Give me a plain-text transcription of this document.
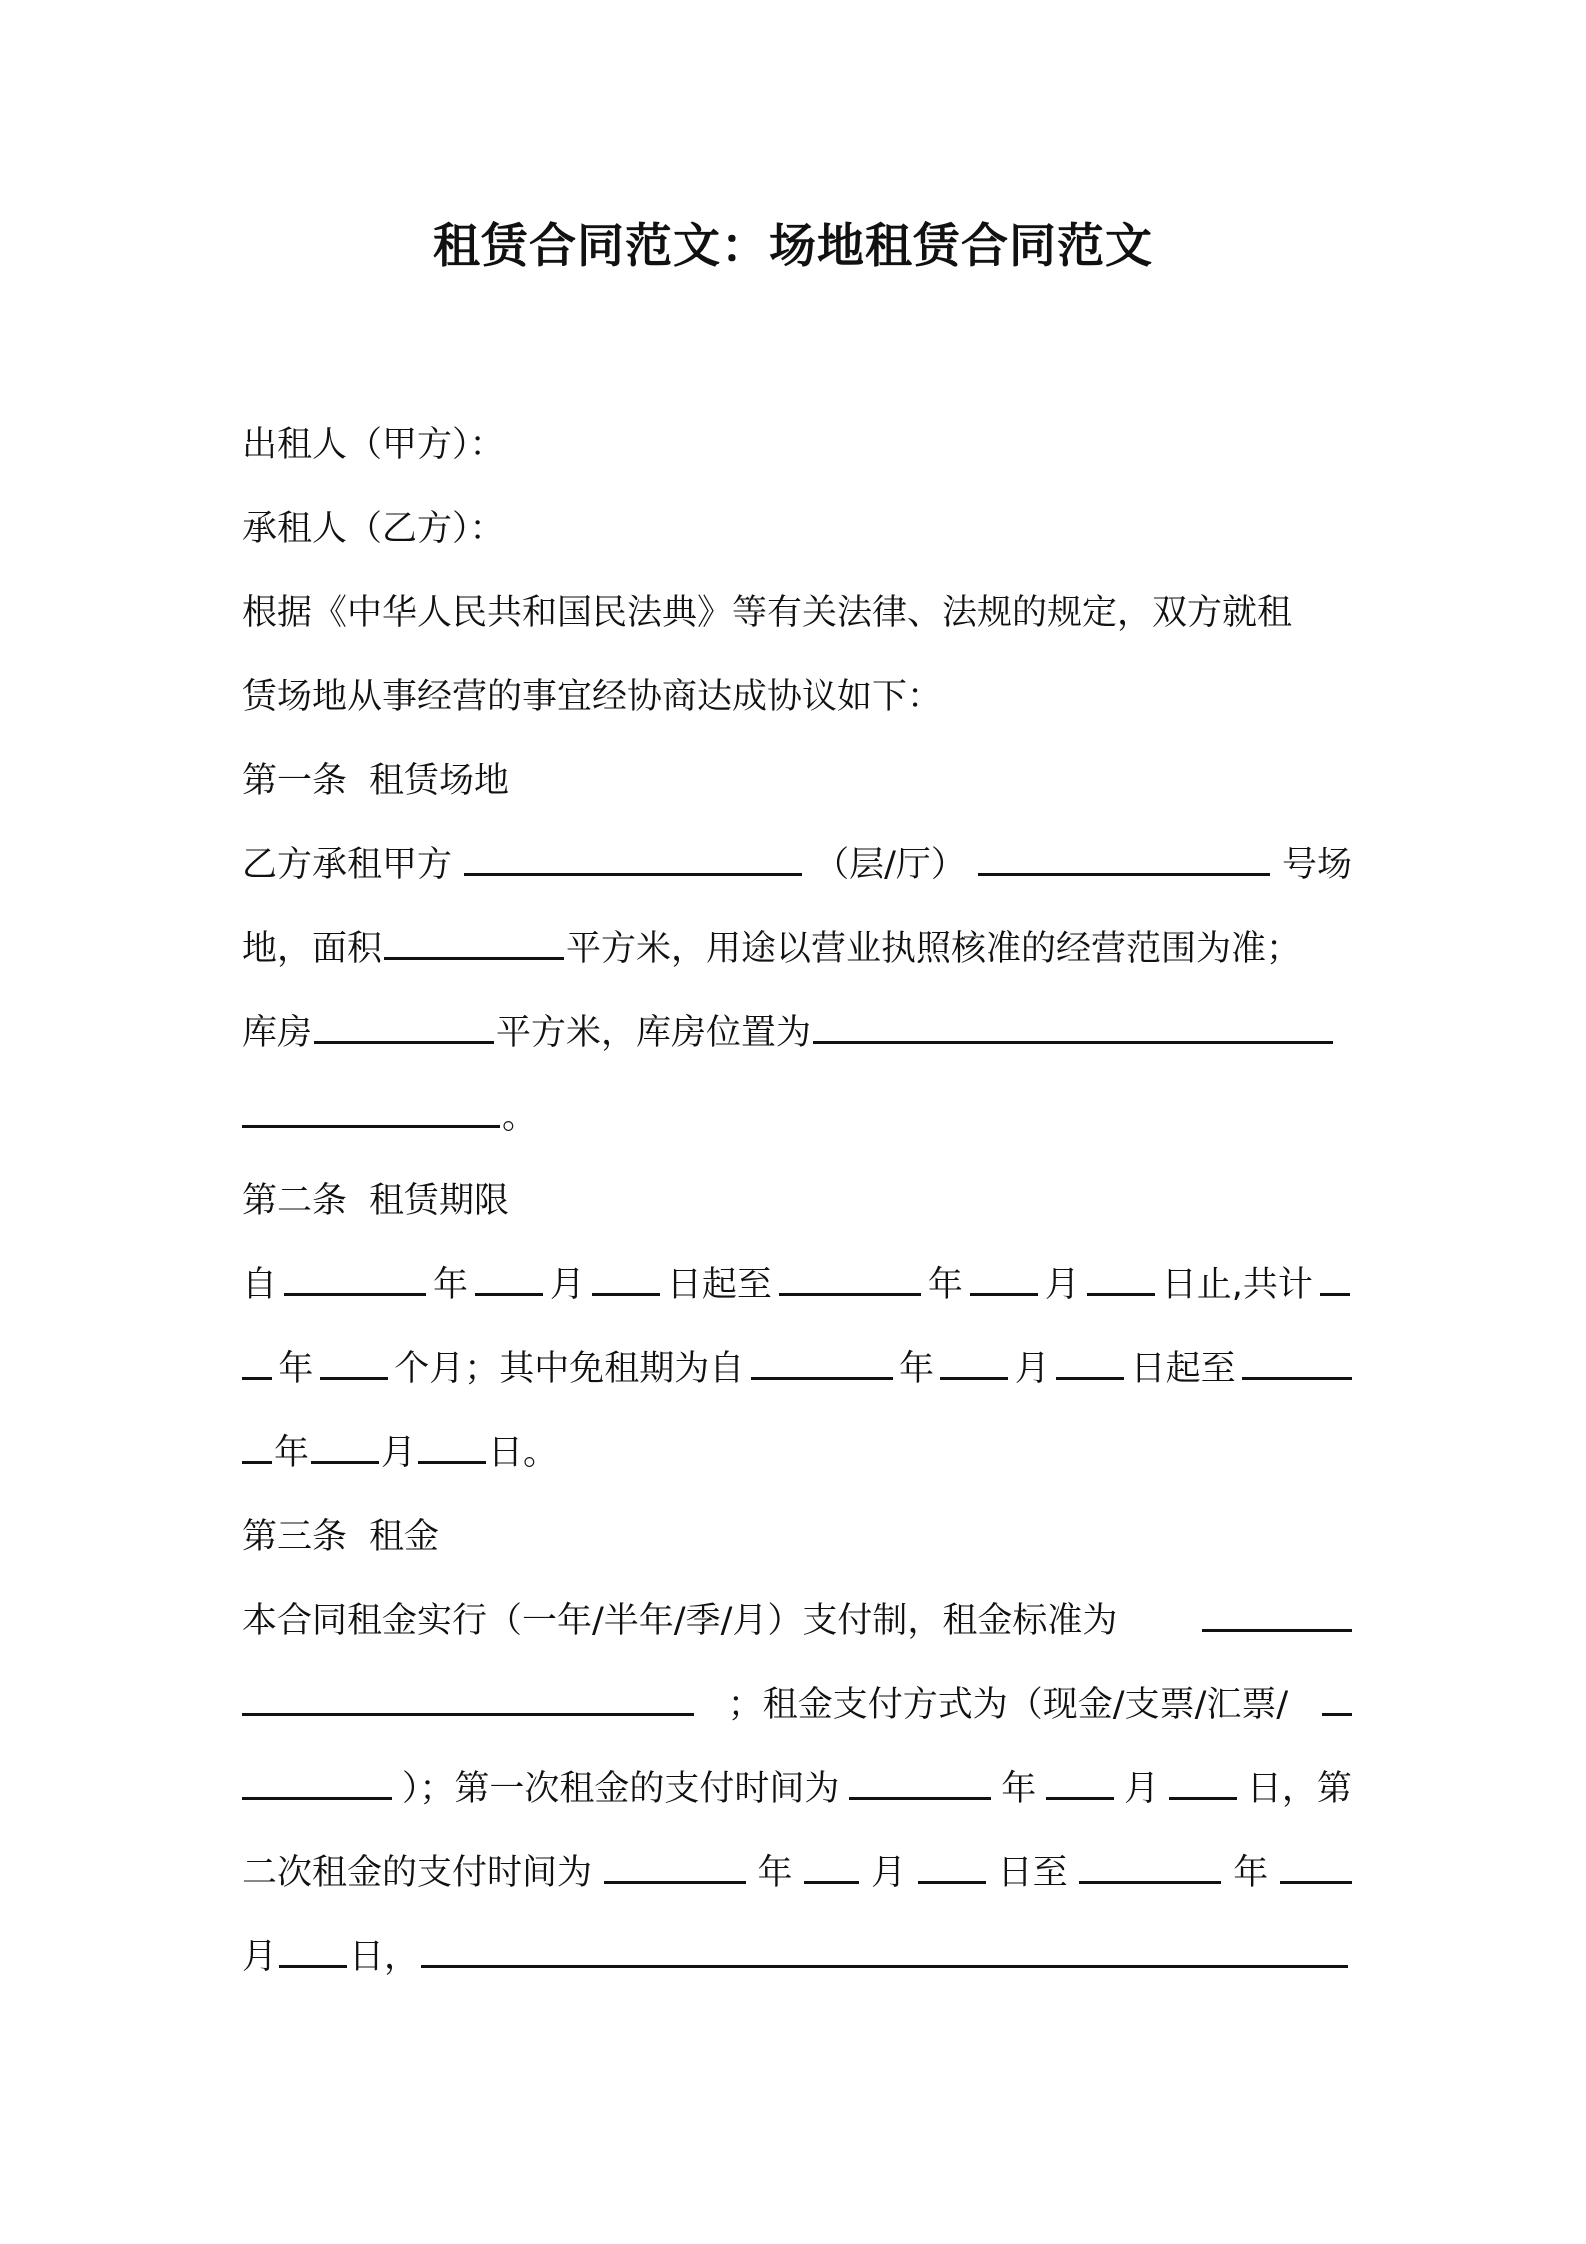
租赁合同范文：场地租赁合同范文
出租人（甲方）：
承租人（乙方）：
根据《中华人民共和国民法典》等有关法律、法规的规定，双方就租
赁场地从事经营的事宜经协商达成协议如下：
第一条 租赁场地
乙方承租甲方	（层/厅）	号场
地，面积	平方米，用途以营业执照核准的经营范围为准；
库房	平方米，库房位置为
。
第二条 租赁期限
自	年 月 日起至	年 月 日止,共计
年 个月；其中免租期为自	年 月 日起至
年 月 日。
第三条 租金
本合同租金实行（一年/半年/季/月）支付制，租金标准为
；租金支付方式为（现金/支票/汇票/
）；第一次租金的支付时间为	年	月	日，第
二次租金的支付时间为	年 月	日至	年
月 日，
